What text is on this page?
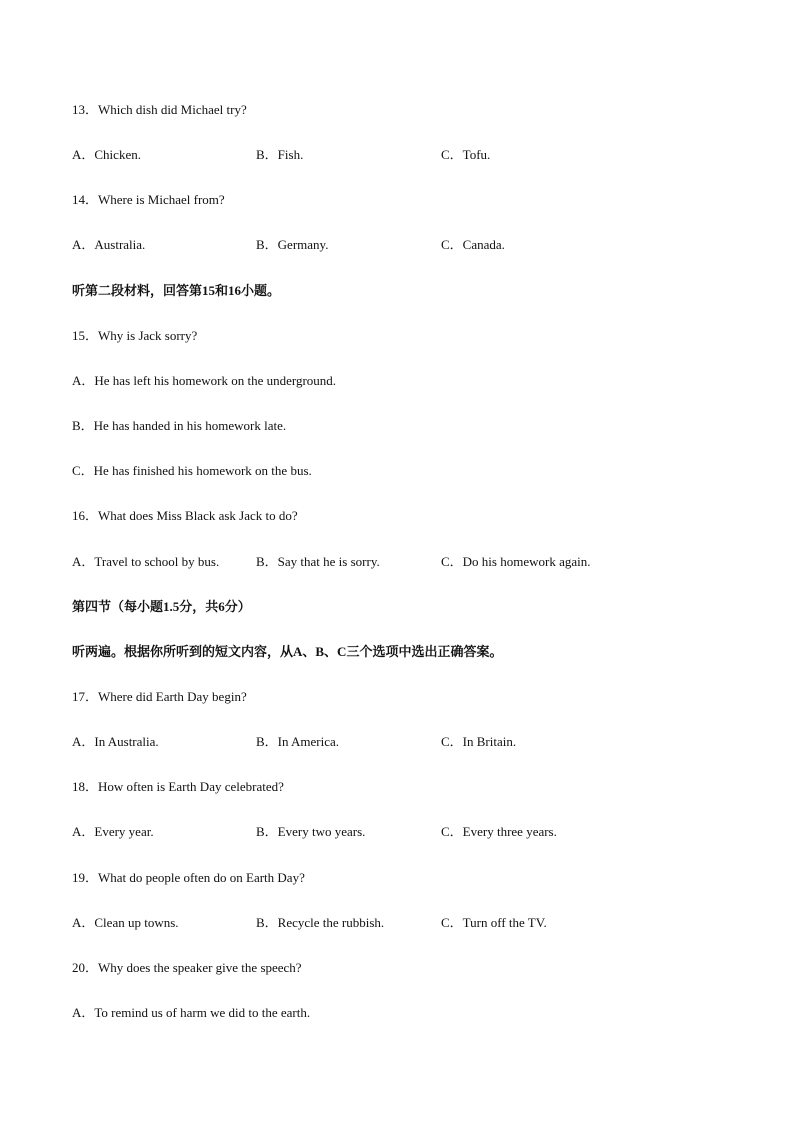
13．Which dish did Michael try?
A．Chicken.	B．Fish.	C．Tofu.
14．Where is Michael from?
A．Australia.	B．Germany.	C．Canada.
听第二段材料，回答第15和16小题。
15．Why is Jack sorry?
A．He has left his homework on the underground.
B．He has handed in his homework late.
C．He has finished his homework on the bus.
16．What does Miss Black ask Jack to do?
A．Travel to school by bus.	B．Say that he is sorry.	C．Do his homework again.
第四节（每小题1.5分，共6分）
听两遍。根据你所听到的短文内容，从A、B、C三个选项中选出正确答案。
17．Where did Earth Day begin?
A．In Australia.	B．In America.	C．In Britain.
18．How often is Earth Day celebrated?
A．Every year.	B．Every two years.	C．Every three years.
19．What do people often do on Earth Day?
A．Clean up towns.	B．Recycle the rubbish.	C．Turn off the TV.
20．Why does the speaker give the speech?
A．To remind us of harm we did to the earth.
